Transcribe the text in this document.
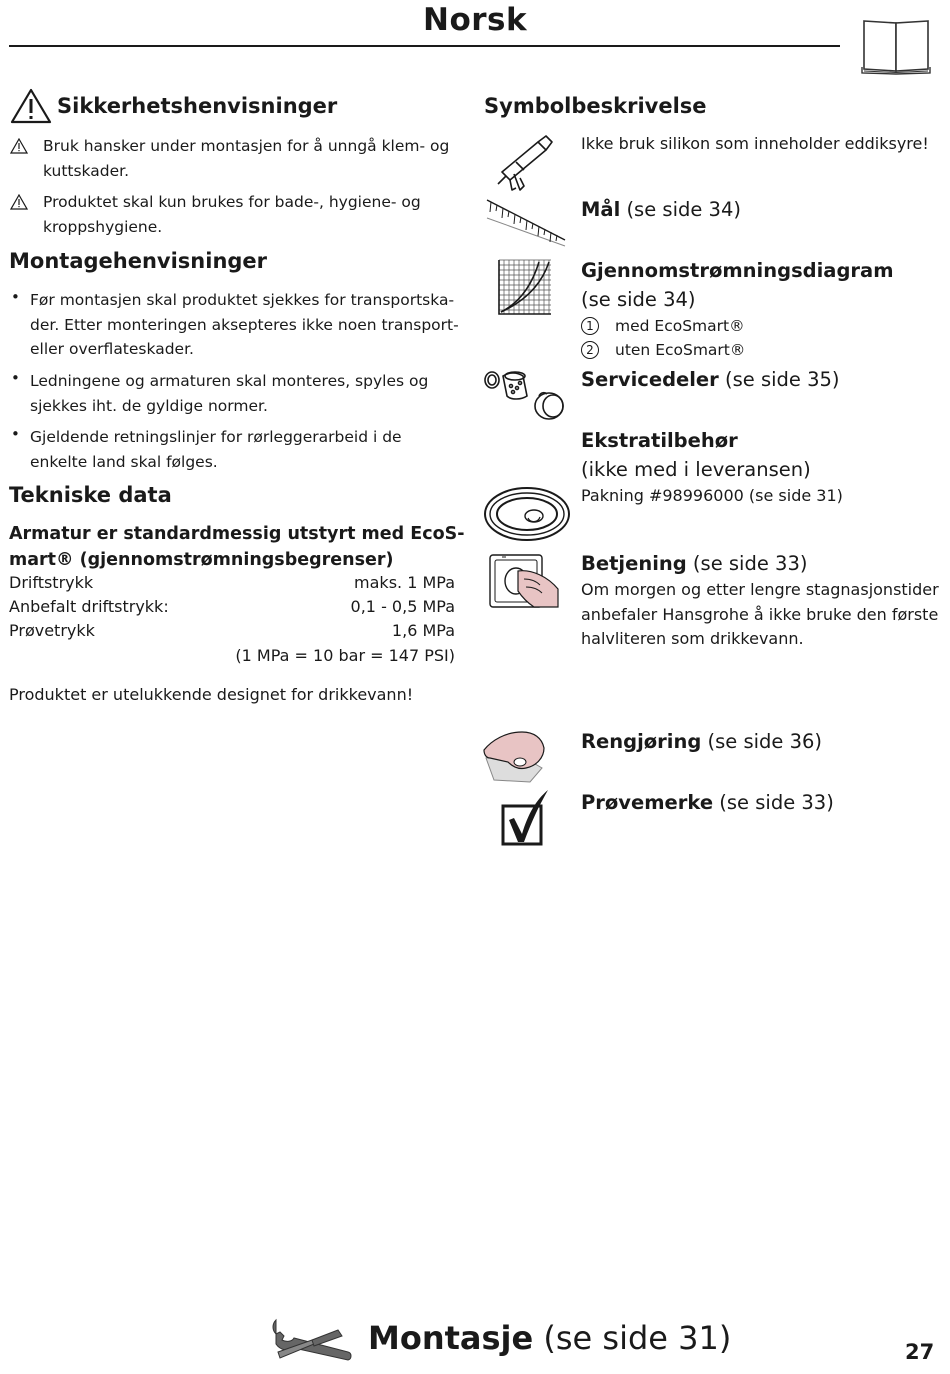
Norsk
Sikkerhetshenvisninger
Bruk hansker under montasjen for å unngå klem- og
kuttskader.
Produktet skal kun brukes for bade-, hygiene- og
kroppshygiene.
Montagehenvisninger
• Før montasjen skal produktet sjekkes for transportska-
der. Etter monteringen aksepteres ikke noen transport-
eller overflateskader.
• Ledningene og armaturen skal monteres, spyles og
sjekkes iht. de gyldige normer.
• Gjeldende retningslinjer for rørleggerarbeid i de
enkelte land skal følges.
Tekniske data
Armatur er standardmessig utstyrt med EcoS-
mart® (gjennomstrømningsbegrenser)
Driftstrykk	maks. 1 MPa
Anbefalt driftstrykk:	0,1 - 0,5 MPa
Prøvetrykk	1,6 MPa
(1 MPa = 10 bar = 147 PSI)
Produktet er utelukkende designet for drikkevann!
Symbolbeskrivelse
Ikke bruk silikon som inneholder eddiksyre!
Mål (se side 34)
Gjennomstrømningsdiagram
(se side 34)
1	med EcoSmart®
2	uten EcoSmart®
Servicedeler (se side 35)
Ekstratilbehør
(ikke med i leveransen)
Pakning #98996000 (se side 31)
Betjening (se side 33)
Om morgen og etter lengre stagnasjonstider
anbefaler Hansgrohe å ikke bruke den første
halvliteren som drikkevann.
Rengjøring (se side 36)
Prøvemerke (se side 33)
Montasje (se side 31)	27
